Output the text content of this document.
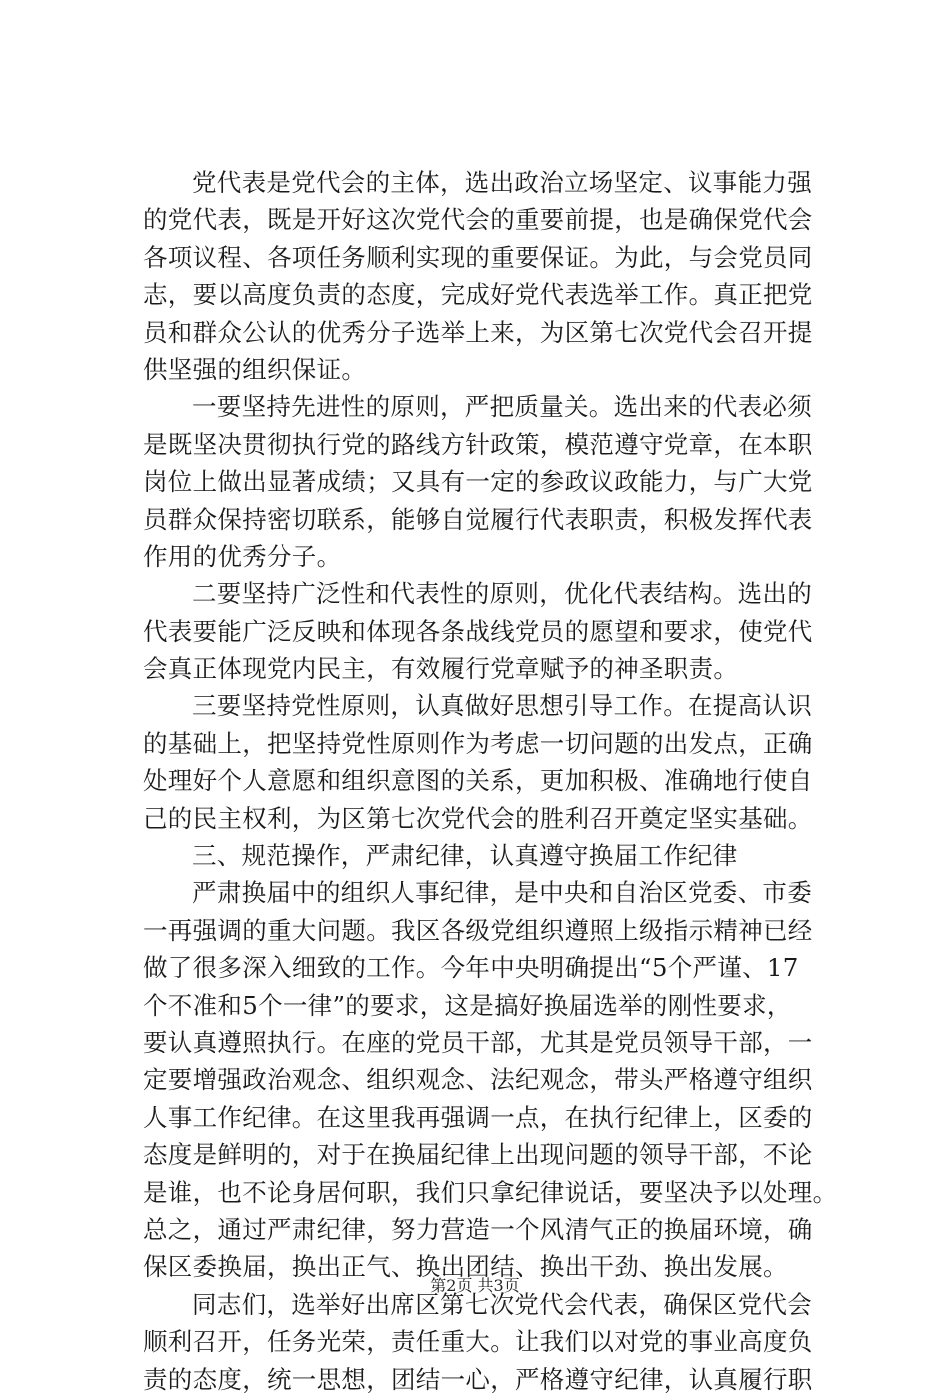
党代表是党代会的主体，选出政治立场坚定、议事能力强
的党代表，既是开好这次党代会的重要前提，也是确保党代会
各项议程、各项任务顺利实现的重要保证。为此，与会党员同
志，要以高度负责的态度，完成好党代表选举工作。真正把党
员和群众公认的优秀分子选举上来，为区第七次党代会召开提
供坚强的组织保证。
一要坚持先进性的原则，严把质量关。选出来的代表必须
是既坚决贯彻执行党的路线方针政策，模范遵守党章，在本职
岗位上做出显著成绩；又具有一定的参政议政能力，与广大党
员群众保持密切联系，能够自觉履行代表职责，积极发挥代表
作用的优秀分子。
二要坚持广泛性和代表性的原则，优化代表结构。选出的
代表要能广泛反映和体现各条战线党员的愿望和要求，使党代
会真正体现党内民主，有效履行党章赋予的神圣职责。
三要坚持党性原则，认真做好思想引导工作。在提高认识
的基础上，把坚持党性原则作为考虑一切问题的出发点，正确
处理好个人意愿和组织意图的关系，更加积极、准确地行使自
己的民主权利，为区第七次党代会的胜利召开奠定坚实基础。
三、规范操作，严肃纪律，认真遵守换届工作纪律
严肃换届中的组织人事纪律，是中央和自治区党委、市委
一再强调的重大问题。我区各级党组织遵照上级指示精神已经
做了很多深入细致的工作。今年中央明确提出“5个严谨、17
个不准和5个一律”的要求，这是搞好换届选举的刚性要求，
要认真遵照执行。在座的党员干部，尤其是党员领导干部，一
定要增强政治观念、组织观念、法纪观念，带头严格遵守组织
人事工作纪律。在这里我再强调一点，在执行纪律上，区委的
态度是鲜明的，对于在换届纪律上出现问题的领导干部，不论
是谁，也不论身居何职，我们只拿纪律说话，要坚决予以处理。
总之，通过严肃纪律，努力营造一个风清气正的换届环境，确
保区委换届，换出正气、换出团结、换出干劲、换出发展。
同志们，选举好出席区第七次党代会代表，确保区党代会
顺利召开，任务光荣，责任重大。让我们以对党的事业高度负
责的态度，统一思想，团结一心，严格遵守纪律，认真履行职
第2页 共3页
